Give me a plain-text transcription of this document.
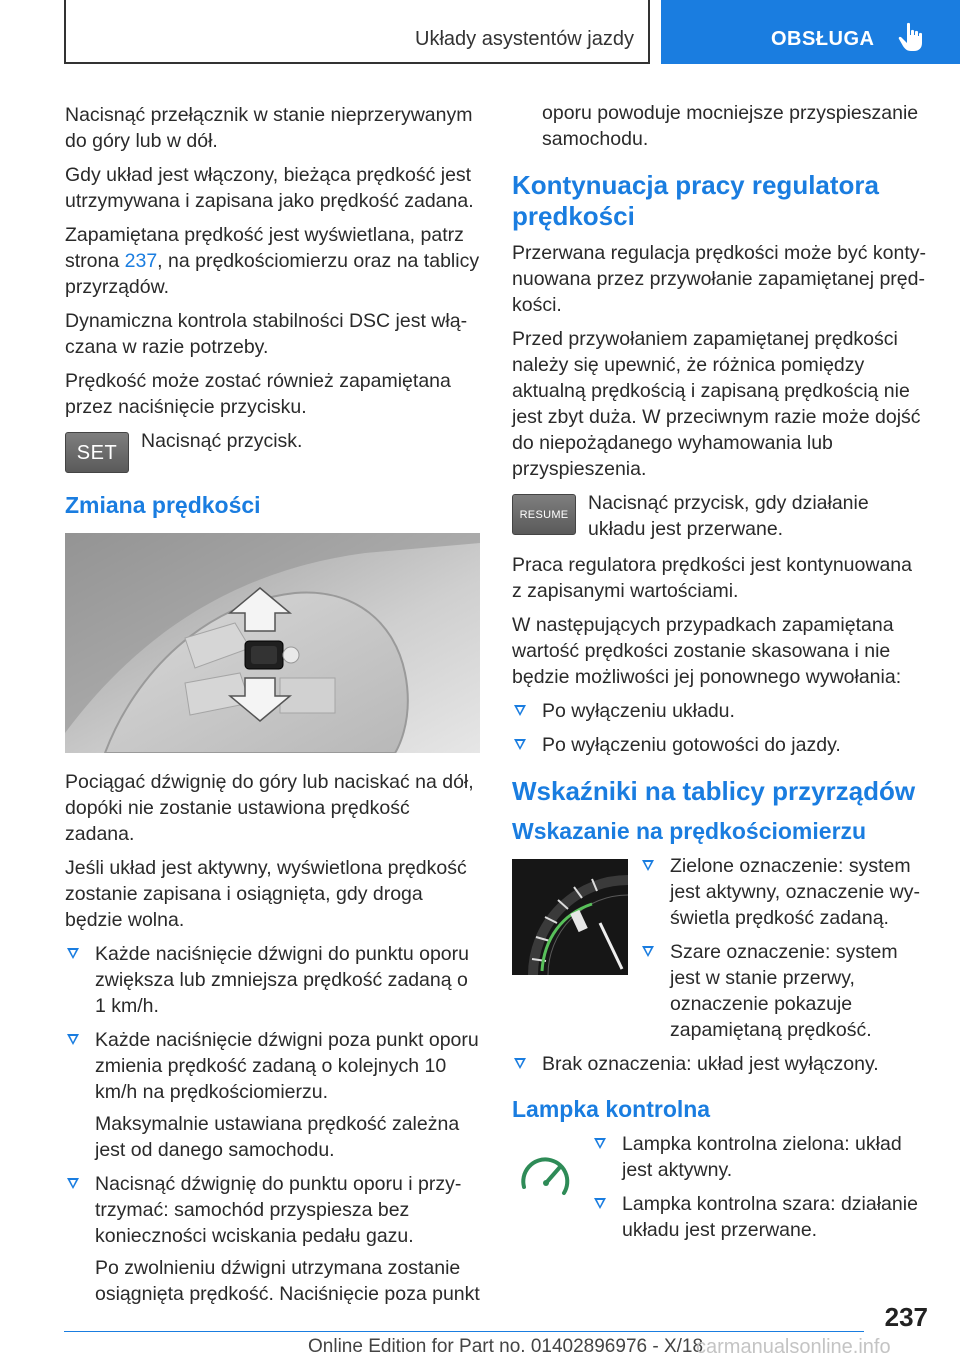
Układy asystentów jazdy	OBSŁUGA

Nacisnąć przełącznik w stanie nieprzerywanym do góry lub w dół.

Gdy układ jest włączony, bieżąca prędkość jest utrzymywana i zapisana jako prędkość zadana.

Zapamiętana prędkość jest wyświetlana, patrz strona 237, na prędkościomierzu oraz na tablicy przyrządów.

Dynamiczna kontrola stabilności DSC jest włączana w razie potrzeby.

Prędkość może zostać również zapamiętana przez naciśnięcie przycisku.

SET
Nacisnąć przycisk.
Zmiana prędkości

Pociągać dźwignię do góry lub naciskać na dół, dopóki nie zostanie ustawiona prędkość zadana.

Jeśli układ jest aktywny, wyświetlona prędkość zostanie zapisana i osiągnięta, gdy droga będzie wolna.

Każde naciśnięcie dźwigni do punktu oporu zwiększa lub zmniejsza prędkość zadaną o 1 km/h.
Każde naciśnięcie dźwigni poza punkt oporu zmienia prędkość zadaną o kolejnych 10 km/h na prędkościomierzu.

Maksymalnie ustawiana prędkość zależna jest od danego samochodu.

Nacisnąć dźwignię do punktu oporu i przytrzymać: samochód przyspiesza bez konieczności wciskania pedału gazu.

Po zwolnieniu dźwigni utrzymana zostanie osiągnięta prędkość. Naciśnięcie poza punkt

oporu powoduje mocniejsze przyspieszanie samochodu.

Kontynuacja pracy regulatora prędkości

Przerwana regulacja prędkości może być kontynuowana przez przywołanie zapamiętanej prędkości.

Przed przywołaniem zapamiętanej prędkości należy się upewnić, że różnica pomiędzy aktualną prędkością i zapisaną prędkością nie jest zbyt duża. W przeciwnym razie może dojść do niepożądanego wyhamowania lub przyspieszenia.

RESUME
Nacisnąć przycisk, gdy działanie układu jest przerwane.

Praca regulatora prędkości jest kontynuowana z zapisanymi wartościami.

W następujących przypadkach zapamiętana wartość prędkości zostanie skasowana i nie będzie możliwości jej ponownego wywołania:

Po wyłączeniu układu.
Po wyłączeniu gotowości do jazdy.
Wskaźniki na tablicy przyrządów
Wskazanie na prędkościomierzu
Zielone oznaczenie: system jest aktywny, oznaczenie wyświetla prędkość zadaną.
Szare oznaczenie: system jest w stanie przerwy, oznaczenie pokazuje zapamiętaną prędkość.
Brak oznaczenia: układ jest wyłączony.
Lampka kontrolna
Lampka kontrolna zielona: układ jest aktywny.
Lampka kontrolna szara: działanie układu jest przerwane.
237
Online Edition for Part no. 01402896976 - X/18
carmanualsonline.info
